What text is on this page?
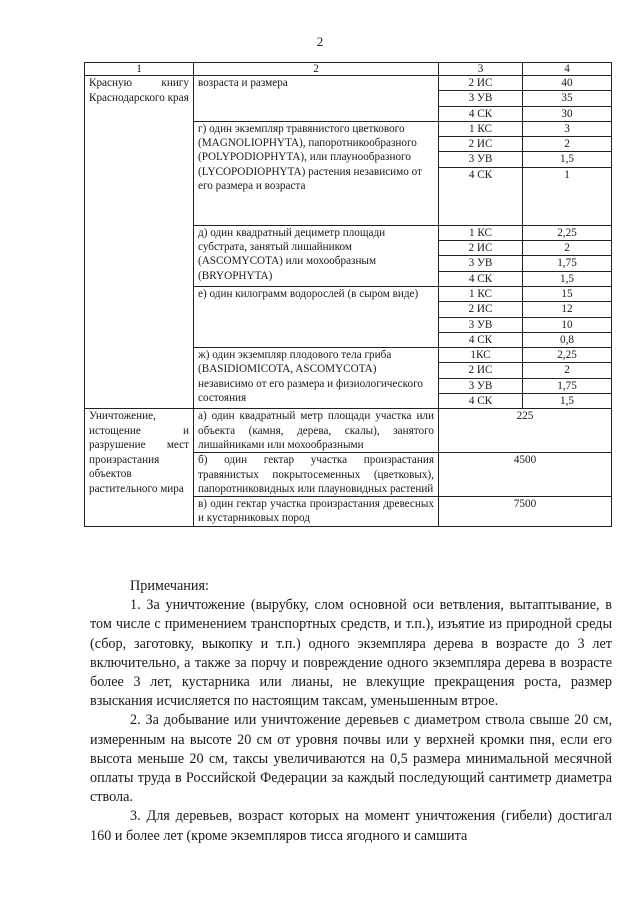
2
1	2	3	4
Красную книгу Краснодарского края	возраста и размера	2 ИС	40
		3 УВ	35
		4 СК	30
	г) один экземпляр травянистого цветкового (MAGNOLIOPHYTA), папоротникообразного (POLYPODIOPHYTA), или плаунообразного (LYCOPODIOPHYTA) растения независимо от его размера и возраста	1 КС	3
		2 ИС	2
		3 УВ	1,5
		4 СК	1
	д) один квадратный дециметр площади субстрата, занятый лишайником (ASCOMYCOTA) или мохообразным (BRYOPHYTA)	1 КС	2,25
		2 ИС	2
		3 УВ	1,75
		4 СК	1,5
	е) один килограмм водорослей (в сыром виде)	1 КС	15
		2 ИС	12
		3 УВ	10
		4 СК	0,8
	ж) один экземпляр плодового тела гриба (BASIDIOMICOTA, ASCOMYCOTA) независимо от его размера и физиологического состояния	1КС	2,25
		2 ИС	2
		3 УВ	1,75
		4 СК	1,5
Уничтожение, истощение и разрушение мест произрастания объектов растительного мира	а) один квадратный метр площади участка или объекта (камня, дерева, скалы), занятого лишайниками или мохообразными	225	
	б) один гектар участка произрастания травянистых покрытосеменных (цветковых), папоротниковидных или плауновидных растений	4500	
	в) один гектар участка произрастания древесных и кустарниковых пород	7500	
Примечания:

1. За уничтожение (вырубку, слом основной оси ветвления, вытаптывание, в том числе с применением транспортных средств, и т.п.), изъятие из природной среды (сбор, заготовку, выкопку и т.п.) одного экземпляра дерева в возрасте до 3 лет включительно, а также за порчу и повреждение одного экземпляра дерева в возрасте более 3 лет, кустарника или лианы, не влекущие прекращения роста, размер взыскания исчисляется по настоящим таксам, уменьшенным втрое.

2. За добывание или уничтожение деревьев с диаметром ствола свыше 20 см, измеренным на высоте 20 см от уровня почвы или у верхней кромки пня, если его высота меньше 20 см, таксы увеличиваются на 0,5 размера минимальной месячной оплаты труда в Российской Федерации за каждый последующий сантиметр диаметра ствола.

3. Для деревьев, возраст которых на момент уничтожения (гибели) достигал 160 и более лет (кроме экземпляров тисса ягодного и самшита
